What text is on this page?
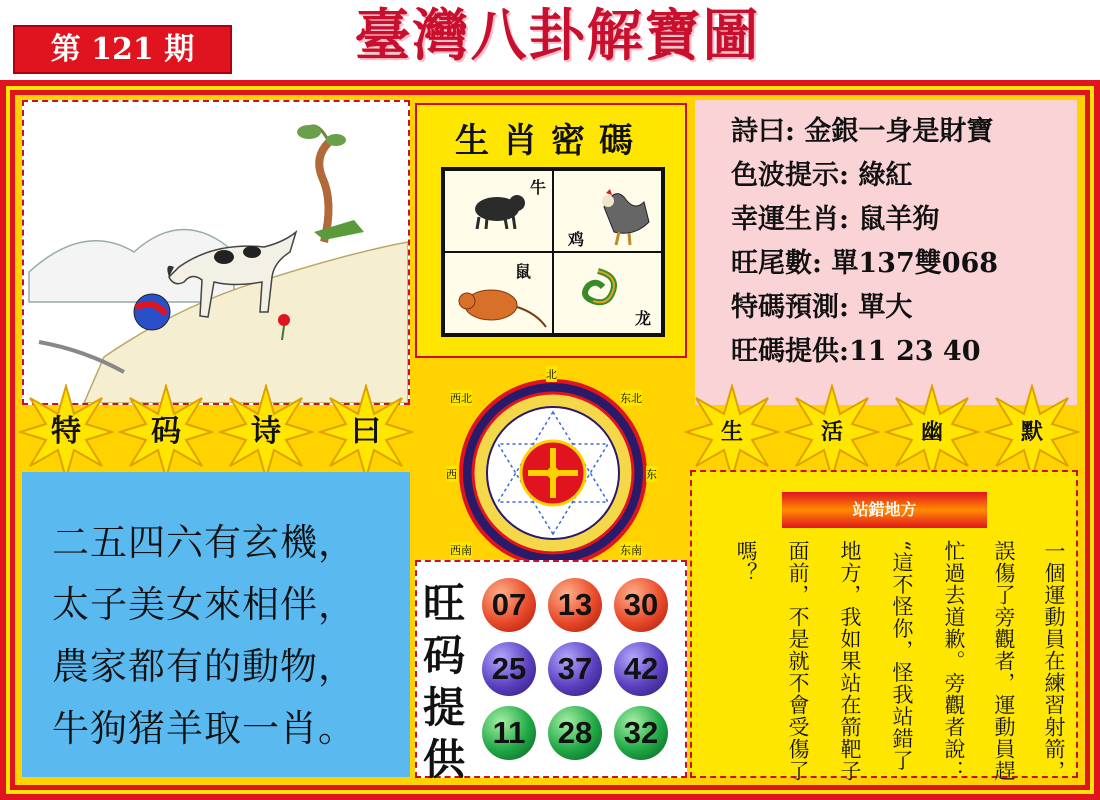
第 121 期	臺灣八卦解寶圖
生肖密碼
牛
鸡
鼠
龙
詩曰: 金銀一身是財寶
色波提示: 綠紅
幸運生肖: 鼠羊狗
旺尾數: 單137雙068
特碼預測: 單大
旺碼提供:11 23 40
特	码	诗	曰	生	活	幽	默
西北	东北
西南	东南
北
西	东
二五四六有玄機，
太子美女來相伴，
農家都有的動物，
牛狗猪羊取一肖。
旺码提供
07	13	30
25	37	42
11	28	32
站錯地方
一個運動員在練習射箭，
誤傷了旁觀者，運動員趕
忙過去道歉。旁觀者說：
“這不怪你，怪我站錯了
地方，我如果站在箭靶子
面前，不是就不會受傷了
嗎？
